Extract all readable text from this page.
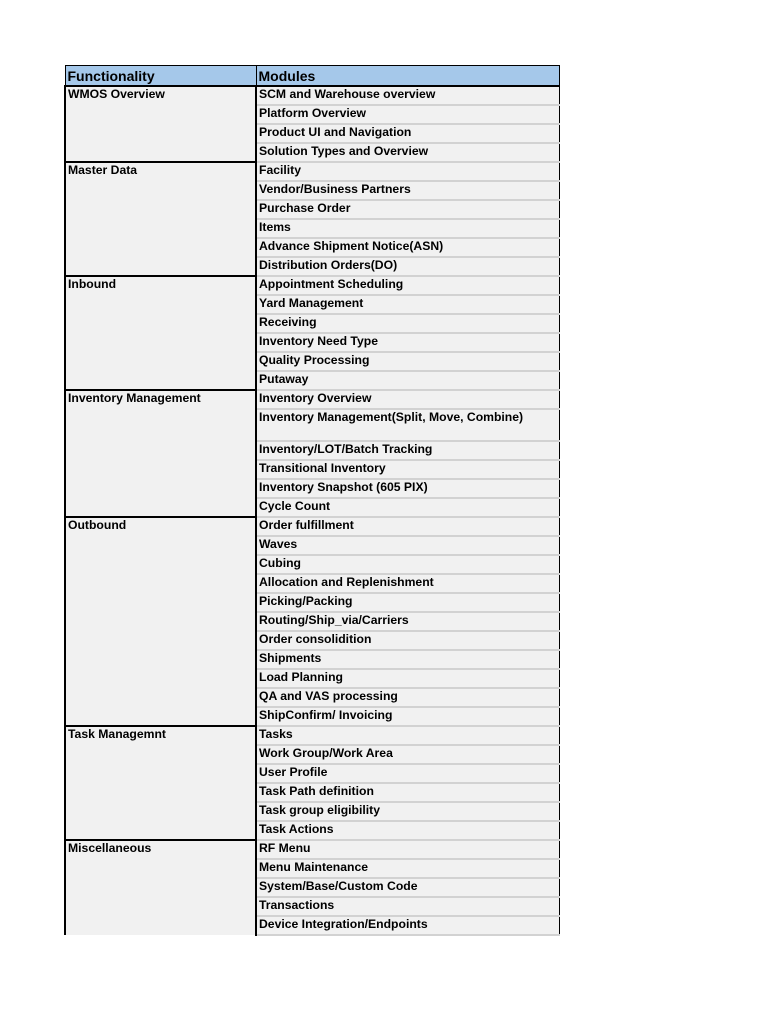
Functionality	Modules
WMOS Overview	SCM and Warehouse overview
	Platform Overview
	Product UI and Navigation
	Solution Types and Overview
Master Data	Facility
	Vendor/Business Partners
	Purchase Order
	Items
	Advance Shipment Notice(ASN)
	Distribution Orders(DO)
Inbound	Appointment Scheduling
	Yard Management
	Receiving
	Inventory Need Type
	Quality Processing
	Putaway
Inventory Management	Inventory Overview
	Inventory Management(Split, Move, Combine)
	Inventory/LOT/Batch Tracking
	Transitional Inventory
	Inventory Snapshot (605 PIX)
	Cycle Count
Outbound	Order fulfillment
	Waves
	Cubing
	Allocation and Replenishment
	Picking/Packing
	Routing/Ship_via/Carriers
	Order consolidition
	Shipments
	Load Planning
	QA and VAS processing
	ShipConfirm/ Invoicing
Task Managemnt	Tasks
	Work Group/Work Area
	User Profile
	Task Path definition
	Task group eligibility
	Task Actions
Miscellaneous	RF Menu
	Menu Maintenance
	System/Base/Custom Code
	Transactions
	Device Integration/Endpoints
